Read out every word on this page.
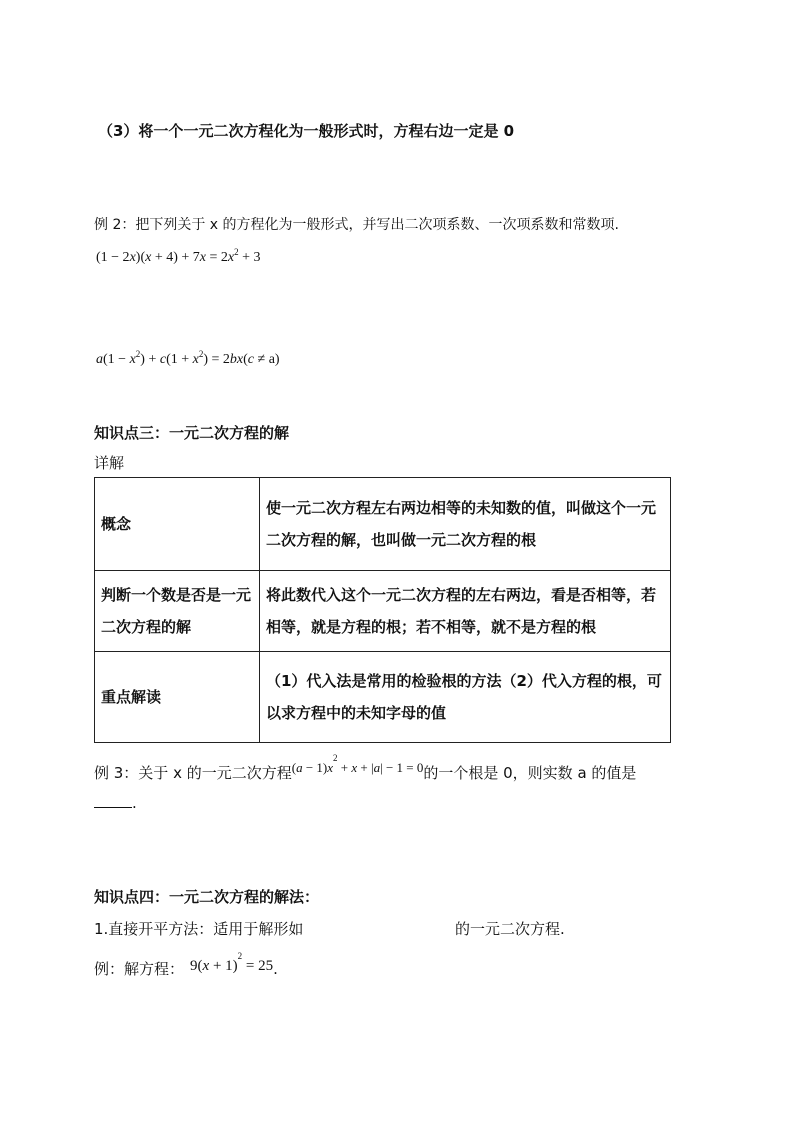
（3）将一个一元二次方程化为一般形式时，方程右边一定是 0
例 2：把下列关于 x 的方程化为一般形式，并写出二次项系数、一次项系数和常数项.
$(1 - 2x)(x + 4) + 7x = 2x^2 + 3$
$a(1 - x^2) + c(1 + x^2) = 2bx(c \ne a)$
知识点三：一元二次方程的解
详解
概念	使一元二次方程左右两边相等的未知数的值，叫做这个一元二次方程的解，也叫做一元二次方程的根
判断一个数是否是一元二次方程的解	将此数代入这个一元二次方程的左右两边，看是否相等，若相等，就是方程的根；若不相等，就不是方程的根
重点解读	（1）代入法是常用的检验根的方法（2）代入方程的根，可以求方程中的未知字母的值
例 3：关于 x 的一元二次方程$(a - 1)x^2 + x + |a| - 1 = 0$的一个根是 0，则实数 a 的值是
.
知识点四：一元二次方程的解法：
1.直接开平方法：适用于解形如	的一元二次方程.
例：解方程： $9(x + 1)^2 = 25$.
